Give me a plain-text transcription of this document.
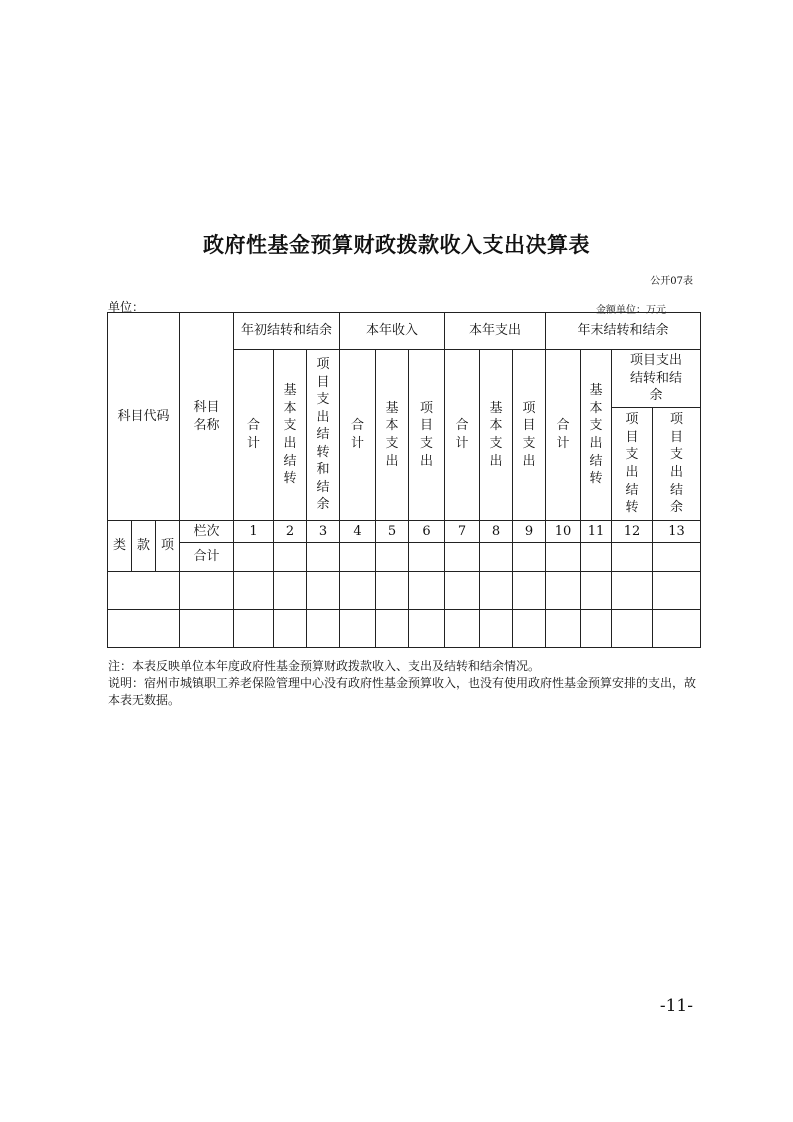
政府性基金预算财政拨款收入支出决算表
公开07表
单位：	金额单位：万元
科目代码			科目名称	年初结转和结余			本年收入			本年支出			年末结转和结余			
				合计	基本支出结转	项目支出结转和结余	合计	基本支出	项目支出	合计	基本支出	项目支出	合计	基本支出结转	项目支出结转和结余	
															项目支出结转	项目支出结余
类	款	项	栏次	1	2	3	4	5	6	7	8	9	10	11	12	13
			合计													

注：本表反映单位本年度政府性基金预算财政拨款收入、支出及结转和结余情况。
说明：宿州市城镇职工养老保险管理中心没有政府性基金预算收入，也没有使用政府性基金预算安排的支出，故本表无数据。
-11-
